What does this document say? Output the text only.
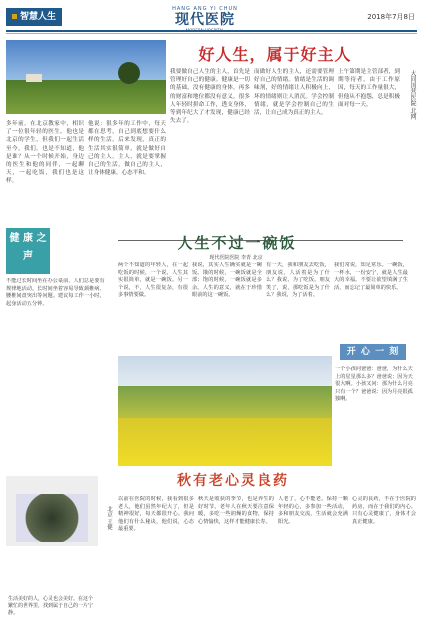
智慧人生
HANG ANG YI CHUN
现代医院	2018年7月8日
好人生，属于好主人
大同国营医院 北网
多年前，在北京教家中，相识了一位很年轻的医生。他也是北京的学生，但我们一起生活至今，我们。也是不知道，他是谁？从一个时候开始，身边的医生和他的同伴，一起聊天，一起吃饭，我们也是这样。
他说：很多年的工作中，每天都在思考，自己到底想要什么样的生活。后来发现，真正的生活其实很简单，就是做好自己的主人。主人，就是要掌握自己的生活，做自己的主人，让身体健康，心态平和。
我要做自己人生的主人，首先是管理好自己的健康。健康是一切的基础，没有健康的身体，再多的财富和地位都没有意义。很多人年轻时拼命工作，透支身体，等到年纪大了才发现，健康已经失去了。
而做好人生的主人，还需要管理好自己的情绪。情绪是生活的调味剂，好的情绪让人积极向上，坏的情绪则让人消沉。学会控制情绪，就是学会控制自己的生活，让自己成为真正的主人。
上午第期是主管部者，到期等待者，由于工作原因，每天的工作量很大，但他从不抱怨，总是积极面对每一天。
健 康 之 声
不能过长时间坐在办公桌前，人们总是要有规律地活动。长时间坐着容易导致颈椎病、腰椎间盘突出等问题。建议每工作一小时，起身活动五分钟。
人生不过一碗饭
现代医院医院 李青 北京
两个不知道的年轻人，在一起吃饭的时候，一个说，人生其实很简单，就是一碗饭。另一个说，不，人生很复杂，有很多事情要做。
我说，其实人生确实就是一碗饭。饿的时候，一碗饭就是全部；饱的时候，一碗饭就是多余。人生的意义，就在于珍惜眼前的这一碗饭。
有一天，我和朋友去吃饭，朋友说，人活着是为了什么？我说，为了吃饭。朋友笑了，说，那吃饭是为了什么？我说，为了活着。
我们常说，知足常乐。一碗饭，一杯水，一份安宁，就是人生最大的幸福。不要让欲望填满了生活，而忘记了最简单的快乐。
开 心 一 刻
一个小孩问爸爸：爸爸，为什么天上的星星那么多？爸爸说：因为天很大啊。小孩又问：那为什么月亮只有一个？爸爸说：因为月亮很孤独啊。
秋有老心灵良药
以前在医院的时候，我看到很多老人，他们虽然年纪大了，但是精神很好，每天都很开心。我问他们有什么秘诀，他们说，心态最重要。
秋天是收获的季节，也是养生的好时节。老年人在秋天要注意保暖，多吃一些润燥的食物，保持心情愉快，这样才能健康长寿。
人老了，心不能老。保持一颗年轻的心，多参加一些活动，多和朋友交流，生活就会充满阳光。
心灵的良药，不在于医院的药房，而在于我们的内心。只有心灵健康了，身体才会真正健康。
生活美好的人，心灵也会美好。在这个繁忙的世界里，找到属于自己的一片宁静。
北京 王健
